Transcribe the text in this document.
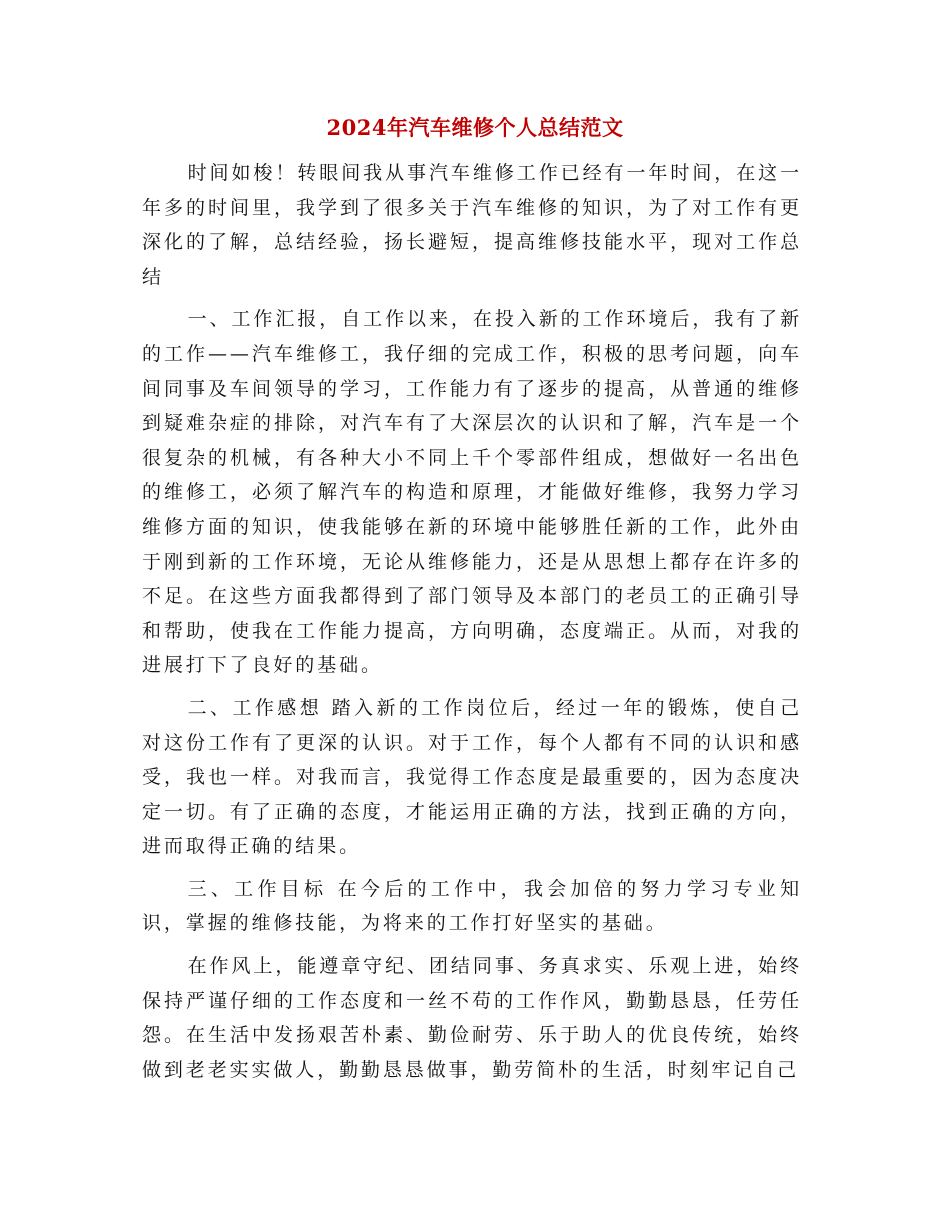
2024年汽车维修个人总结范文

时间如梭！转眼间我从事汽车维修工作已经有一年时间，在这一年多的时间里，我学到了很多关于汽车维修的知识，为了对工作有更深化的了解，总结经验，扬长避短，提高维修技能水平，现对工作总结

一、工作汇报，自工作以来，在投入新的工作环境后，我有了新的工作——汽车维修工，我仔细的完成工作，积极的思考问题，向车间同事及车间领导的学习，工作能力有了逐步的提高，从普通的维修到疑难杂症的排除，对汽车有了大深层次的认识和了解，汽车是一个很复杂的机械，有各种大小不同上千个零部件组成，想做好一名出色的维修工，必须了解汽车的构造和原理，才能做好维修，我努力学习维修方面的知识，使我能够在新的环境中能够胜任新的工作，此外由于刚到新的工作环境，无论从维修能力，还是从思想上都存在许多的不足。在这些方面我都得到了部门领导及本部门的老员工的正确引导和帮助，使我在工作能力提高，方向明确，态度端正。从而，对我的进展打下了良好的基础。

二、工作感想 踏入新的工作岗位后，经过一年的锻炼，使自己对这份工作有了更深的认识。对于工作，每个人都有不同的认识和感受，我也一样。对我而言，我觉得工作态度是最重要的，因为态度决定一切。有了正确的态度，才能运用正确的方法，找到正确的方向，进而取得正确的结果。

三、工作目标 在今后的工作中，我会加倍的努力学习专业知识，掌握的维修技能，为将来的工作打好坚实的基础。

在作风上，能遵章守纪、团结同事、务真求实、乐观上进，始终保持严谨仔细的工作态度和一丝不苟的工作作风，勤勤恳恳，任劳任怨。在生活中发扬艰苦朴素、勤俭耐劳、乐于助人的优良传统，始终做到老老实实做人，勤勤恳恳做事，勤劳简朴的生活，时刻牢记自己
